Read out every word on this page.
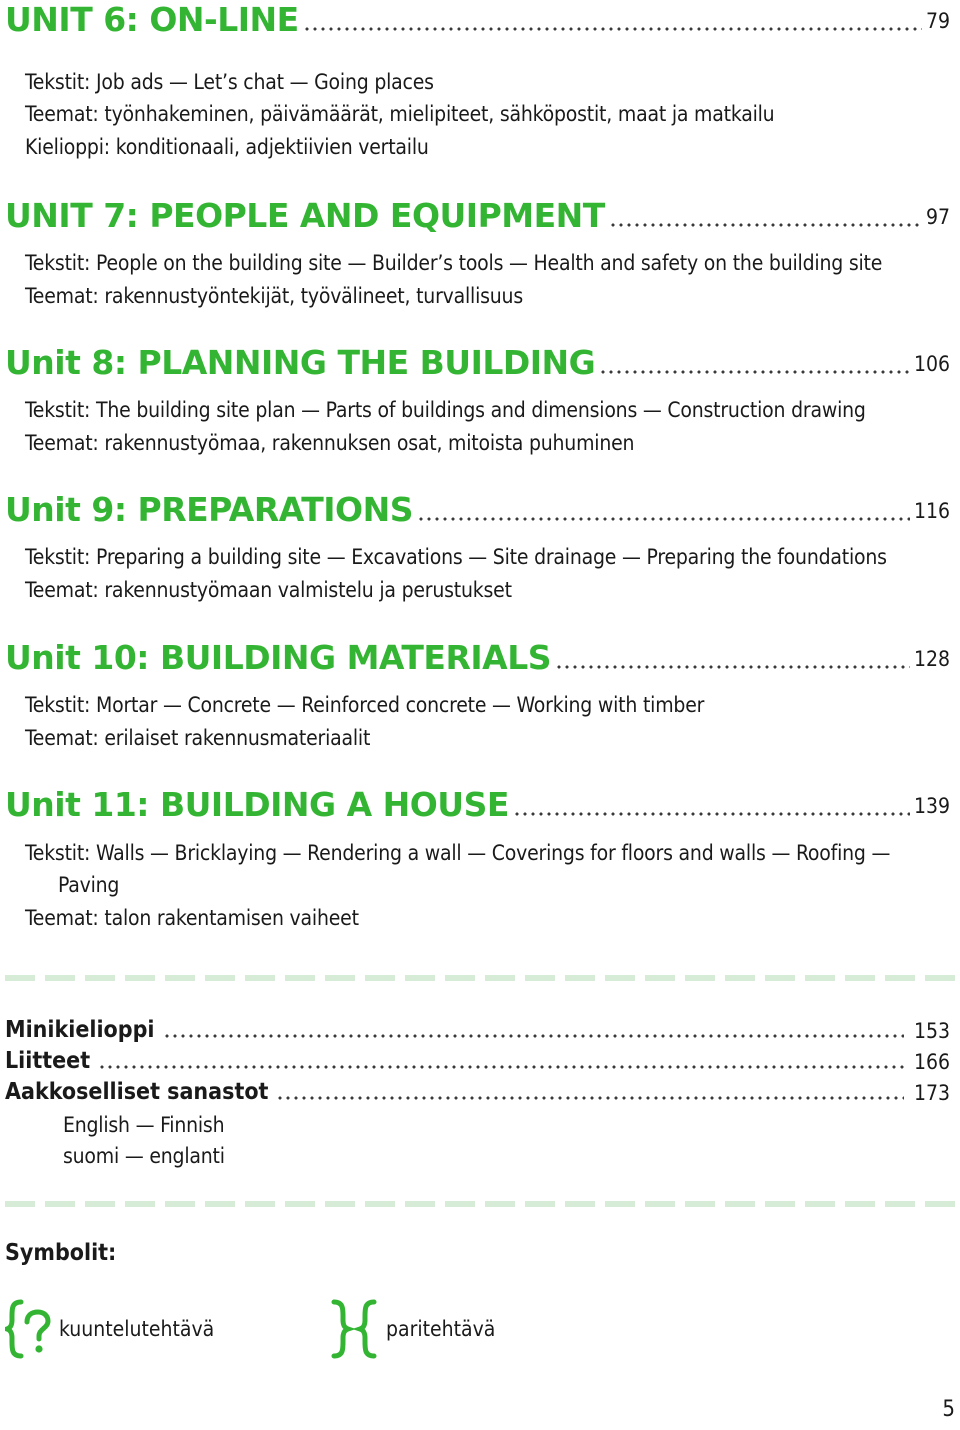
UNIT 6: ON-LINE	79
Tekstit: Job ads — Let’s chat — Going places
Teemat: työnhakeminen, päivämäärät, mielipiteet, sähköpostit, maat ja matkailu
Kielioppi: konditionaali, adjektiivien vertailu
UNIT 7: PEOPLE AND EQUIPMENT	97
Tekstit: People on the building site — Builder’s tools — Health and safety on the building site
Teemat: rakennustyöntekijät, työvälineet, turvallisuus
Unit 8: PLANNING THE BUILDING	106
Tekstit: The building site plan — Parts of buildings and dimensions — Construction drawing
Teemat: rakennustyömaa, rakennuksen osat, mitoista puhuminen
Unit 9: PREPARATIONS	116
Tekstit: Preparing a building site — Excavations — Site drainage — Preparing the foundations
Teemat: rakennustyömaan valmistelu ja perustukset
Unit 10: BUILDING MATERIALS	128
Tekstit: Mortar — Concrete — Reinforced concrete — Working with timber
Teemat: erilaiset rakennusmateriaalit
Unit 11: BUILDING A HOUSE	139
Tekstit: Walls — Bricklaying — Rendering a wall — Coverings for floors and walls — Roofing —
Paving
Teemat: talon rakentamisen vaiheet
Minikielioppi	153
Liitteet	166
Aakkoselliset sanastot	173
English — Finnish
suomi — englanti
Symbolit:
kuuntelutehtävä	paritehtävä
5
